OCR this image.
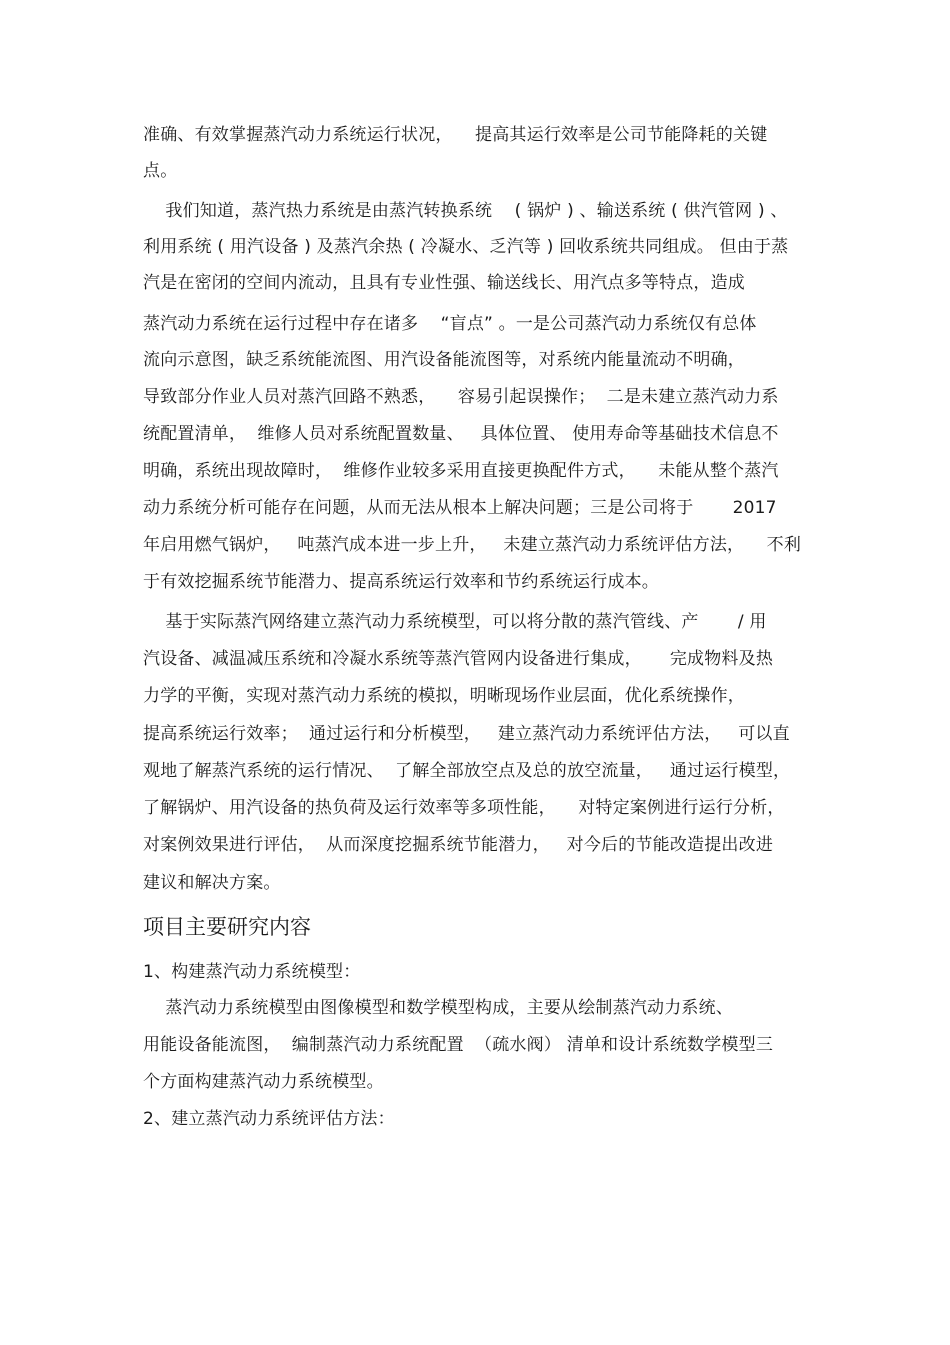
准确、有效掌握蒸汽动力系统运行状况，    提高其运行效率是公司节能降耗的关键
点。
我们知道，蒸汽热力系统是由蒸汽转换系统    ( 锅炉 ) 、输送系统 ( 供汽管网 ) 、
利用系统 ( 用汽设备 ) 及蒸汽余热 ( 冷凝水、乏汽等 ) 回收系统共同组成。 但由于蒸
汽是在密闭的空间内流动，且具有专业性强、输送线长、用汽点多等特点，造成
蒸汽动力系统在运行过程中存在诸多    “盲点” 。一是公司蒸汽动力系统仅有总体
流向示意图，缺乏系统能流图、用汽设备能流图等，对系统内能量流动不明确，
导致部分作业人员对蒸汽回路不熟悉，    容易引起误操作；  二是未建立蒸汽动力系
统配置清单，  维修人员对系统配置数量、   具体位置、 使用寿命等基础技术信息不
明确，系统出现故障时，  维修作业较多采用直接更换配件方式，    未能从整个蒸汽
动力系统分析可能存在问题，从而无法从根本上解决问题；三是公司将于       2017
年启用燃气锅炉，   吨蒸汽成本进一步上升，   未建立蒸汽动力系统评估方法，    不利
于有效挖掘系统节能潜力、提高系统运行效率和节约系统运行成本。
基于实际蒸汽网络建立蒸汽动力系统模型，可以将分散的蒸汽管线、产       / 用
汽设备、减温减压系统和冷凝水系统等蒸汽管网内设备进行集成，     完成物料及热
力学的平衡，实现对蒸汽动力系统的模拟，明晰现场作业层面，优化系统操作，
提高系统运行效率；  通过运行和分析模型，   建立蒸汽动力系统评估方法，   可以直
观地了解蒸汽系统的运行情况、  了解全部放空点及总的放空流量，   通过运行模型，
了解锅炉、用汽设备的热负荷及运行效率等多项性能，    对特定案例进行运行分析，
对案例效果进行评估，  从而深度挖掘系统节能潜力，   对今后的节能改造提出改进
建议和解决方案。
项目主要研究内容
1、构建蒸汽动力系统模型：
蒸汽动力系统模型由图像模型和数学模型构成，主要从绘制蒸汽动力系统、
用能设备能流图，  编制蒸汽动力系统配置  （疏水阀） 清单和设计系统数学模型三
个方面构建蒸汽动力系统模型。
2、建立蒸汽动力系统评估方法：
